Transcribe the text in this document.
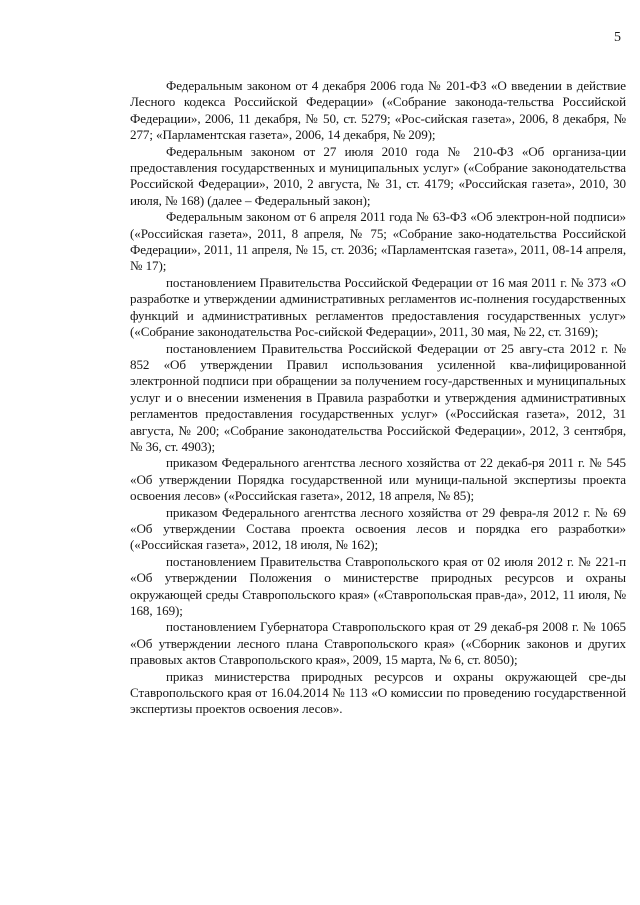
5

Федеральным законом от 4 декабря 2006 года № 201-ФЗ «О введении в действие Лесного кодекса Российской Федерации» («Собрание законода-тельства Российской Федерации», 2006, 11 декабря, № 50, ст. 5279; «Рос-сийская газета», 2006, 8 декабря, № 277; «Парламентская газета», 2006, 14 декабря, № 209);

Федеральным законом от 27 июля 2010 года № 210-ФЗ «Об организа-ции предоставления государственных и муниципальных услуг» («Собрание законодательства Российской Федерации», 2010, 2 августа, № 31, ст. 4179; «Российская газета», 2010, 30 июля, № 168) (далее – Федеральный закон);

Федеральным законом от 6 апреля 2011 года № 63-ФЗ «Об электрон-ной подписи» («Российская газета», 2011, 8 апреля, № 75; «Собрание зако-нодательства Российской Федерации», 2011, 11 апреля, № 15, ст. 2036; «Парламентская газета», 2011, 08-14 апреля, № 17);

постановлением Правительства Российской Федерации от 16 мая 2011 г. № 373 «О разработке и утверждении административных регламентов ис-полнения государственных функций и административных регламентов предоставления государственных услуг» («Собрание законодательства Рос-сийской Федерации», 2011, 30 мая, № 22, ст. 3169);

постановлением Правительства Российской Федерации от 25 авгу-ста 2012 г. № 852 «Об утверждении Правил использования усиленной ква-лифицированной электронной подписи при обращении за получением госу-дарственных и муниципальных услуг и о внесении изменения в Правила разработки и утверждения административных регламентов предоставления государственных услуг» («Российская газета», 2012, 31 августа, № 200; «Собрание законодательства Российской Федерации», 2012, 3 сентября, № 36, ст. 4903);

приказом Федерального агентства лесного хозяйства от 22 декаб-ря 2011 г. № 545 «Об утверждении Порядка государственной или муници-пальной экспертизы проекта освоения лесов» («Российская газета», 2012, 18 апреля, № 85);

приказом Федерального агентства лесного хозяйства от 29 февра-ля 2012 г. № 69 «Об утверждении Состава проекта освоения лесов и порядка его разработки» («Российская газета», 2012, 18 июля, № 162);

постановлением Правительства Ставропольского края от 02 июля 2012 г. № 221-п «Об утверждении Положения о министерстве природных ресурсов и охраны окружающей среды Ставропольского края» («Ставропольская прав-да», 2012, 11 июля, № 168, 169);

постановлением Губернатора Ставропольского края от 29 декаб-ря 2008 г. № 1065 «Об утверждении лесного плана Ставропольского края» («Сборник законов и других правовых актов Ставропольского края», 2009, 15 марта, № 6, ст. 8050);

приказ министерства природных ресурсов и охраны окружающей сре-ды Ставропольского края от 16.04.2014 № 113 «О комиссии по проведению государственной экспертизы проектов освоения лесов».
